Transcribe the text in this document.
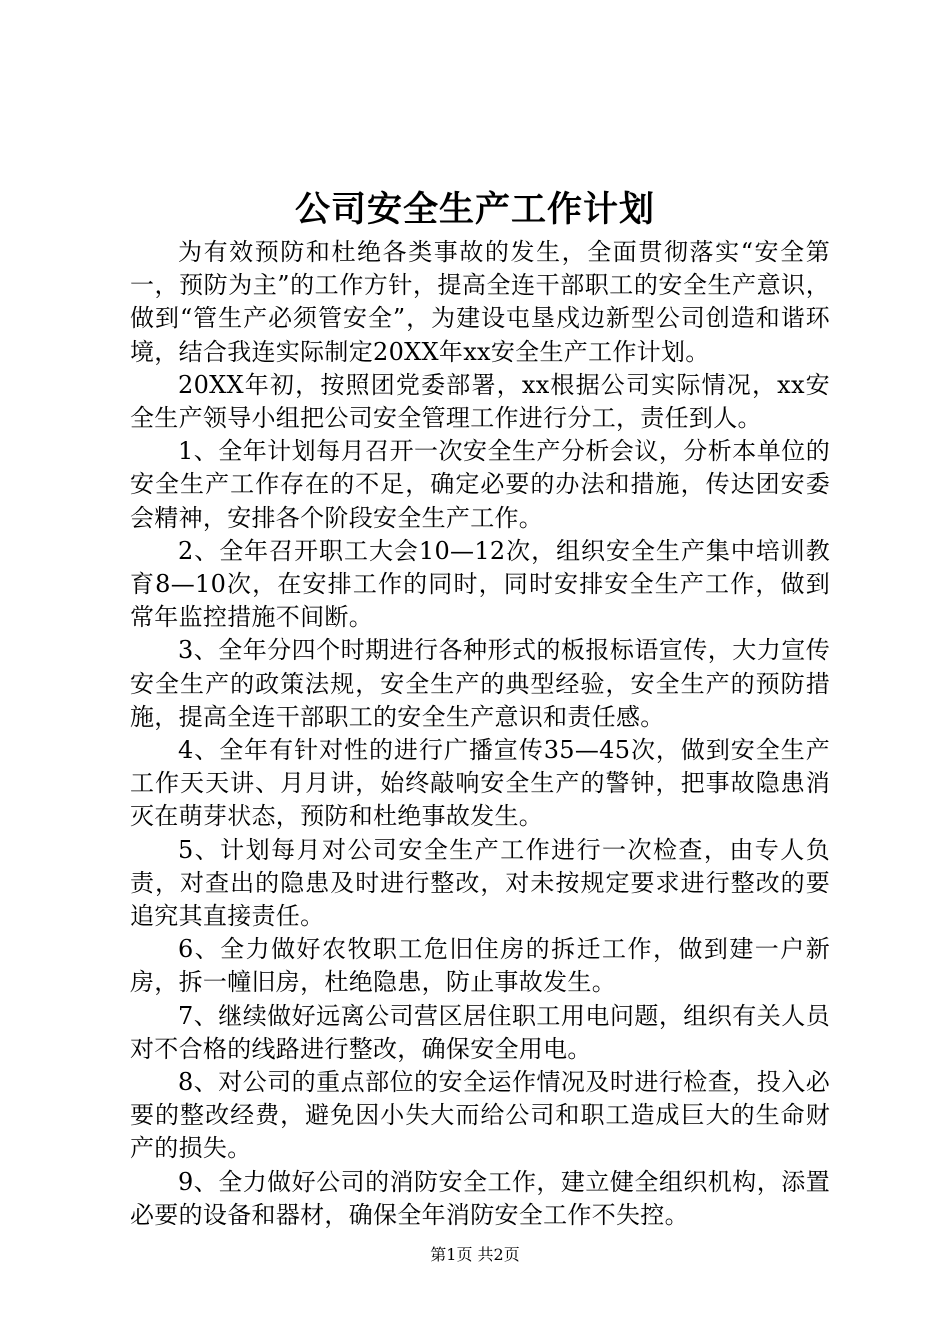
公司安全生产工作计划

为有效预防和杜绝各类事故的发生，全面贯彻落实“安全第一，预防为主”的工作方针，提高全连干部职工的安全生产意识，做到“管生产必须管安全”，为建设屯垦戍边新型公司创造和谐环境，结合我连实际制定20XX年xx安全生产工作计划。

20XX年初，按照团党委部署，xx根据公司实际情况，xx安全生产领导小组把公司安全管理工作进行分工，责任到人。

1、全年计划每月召开一次安全生产分析会议，分析本单位的安全生产工作存在的不足，确定必要的办法和措施，传达团安委会精神，安排各个阶段安全生产工作。

2、全年召开职工大会10—12次，组织安全生产集中培训教育8—10次，在安排工作的同时，同时安排安全生产工作，做到常年监控措施不间断。

3、全年分四个时期进行各种形式的板报标语宣传，大力宣传安全生产的政策法规，安全生产的典型经验，安全生产的预防措施，提高全连干部职工的安全生产意识和责任感。

4、全年有针对性的进行广播宣传35—45次，做到安全生产工作天天讲、月月讲，始终敲响安全生产的警钟，把事故隐患消灭在萌芽状态，预防和杜绝事故发生。

5、计划每月对公司安全生产工作进行一次检查，由专人负责，对查出的隐患及时进行整改，对未按规定要求进行整改的要追究其直接责任。

6、全力做好农牧职工危旧住房的拆迁工作，做到建一户新房，拆一幢旧房，杜绝隐患，防止事故发生。

7、继续做好远离公司营区居住职工用电问题，组织有关人员对不合格的线路进行整改，确保安全用电。

8、对公司的重点部位的安全运作情况及时进行检查，投入必要的整改经费，避免因小失大而给公司和职工造成巨大的生命财产的损失。

9、全力做好公司的消防安全工作，建立健全组织机构，添置必要的设备和器材，确保全年消防安全工作不失控。

第1页 共2页
